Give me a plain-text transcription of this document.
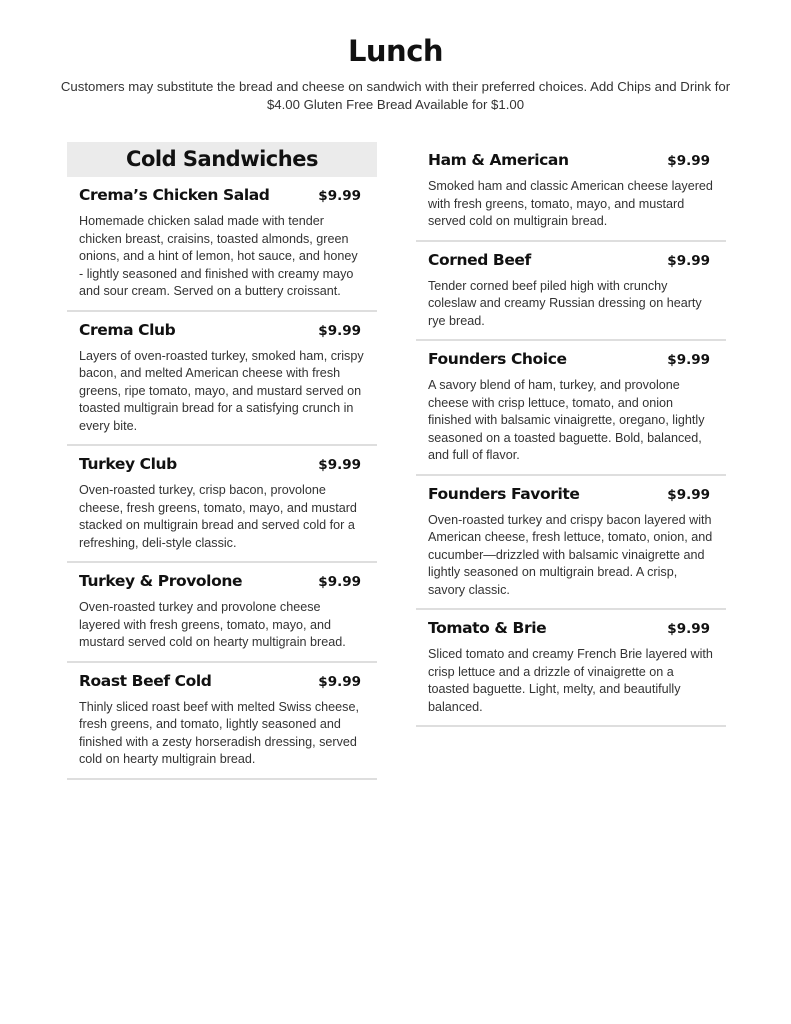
Lunch

Customers may substitute the bread and cheese on sandwich with their preferred choices. Add Chips and Drink for $4.00 Gluten Free Bread Available for $1.00

Cold Sandwiches
Crema’s Chicken Salad	$9.99

Homemade chicken salad made with tender chicken breast, craisins, toasted almonds, green onions, and a hint of lemon, hot sauce, and honey - lightly seasoned and finished with creamy mayo and sour cream. Served on a buttery croissant.

Crema Club	$9.99

Layers of oven-roasted turkey, smoked ham, crispy bacon, and melted American cheese with fresh greens, ripe tomato, mayo, and mustard served on toasted multigrain bread for a satisfying crunch in every bite.

Turkey Club	$9.99

Oven-roasted turkey, crisp bacon, provolone cheese, fresh greens, tomato, mayo, and mustard stacked on multigrain bread and served cold for a refreshing, deli-style classic.

Turkey & Provolone	$9.99

Oven-roasted turkey and provolone cheese layered with fresh greens, tomato, mayo, and mustard served cold on hearty multigrain bread.

Roast Beef Cold	$9.99

Thinly sliced roast beef with melted Swiss cheese, fresh greens, and tomato, lightly seasoned and finished with a zesty horseradish dressing, served cold on hearty multigrain bread.

Ham & American	$9.99

Smoked ham and classic American cheese layered with fresh greens, tomato, mayo, and mustard served cold on multigrain bread.

Corned Beef	$9.99

Tender corned beef piled high with crunchy coleslaw and creamy Russian dressing on hearty rye bread.

Founders Choice	$9.99

A savory blend of ham, turkey, and provolone cheese with crisp lettuce, tomato, and onion finished with balsamic vinaigrette, oregano, lightly seasoned on a toasted baguette. Bold, balanced, and full of flavor.

Founders Favorite	$9.99

Oven-roasted turkey and crispy bacon layered with American cheese, fresh lettuce, tomato, onion, and cucumber—drizzled with balsamic vinaigrette and lightly seasoned on multigrain bread. A crisp, savory classic.

Tomato & Brie	$9.99

Sliced tomato and creamy French Brie layered with crisp lettuce and a drizzle of vinaigrette on a toasted baguette. Light, melty, and beautifully balanced.
